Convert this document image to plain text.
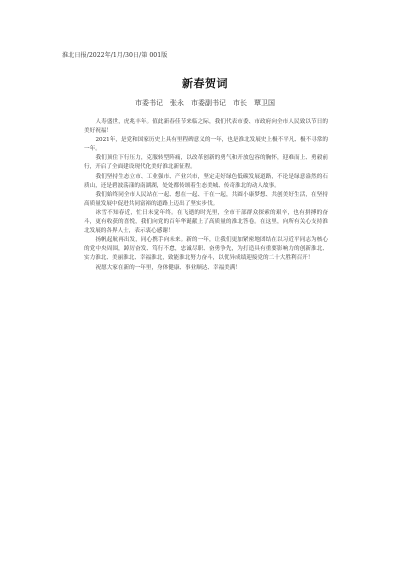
淮北日报/2022年/1月/30日/第 001版
新春贺词
市委书记　张永　市委副书记　市长　覃卫国

人寿盛世，虎兆丰年。值此新春佳节来临之际，我们代表市委、市政府向全市人民致以节日的美好祝福！

2021年，是党和国家历史上具有里程碑意义的一年，也是淮北发展史上极不平凡、极不寻常的一年。

我们顶住下行压力，克服转型阵痛，以改革创新的勇气和开放包容的胸怀，迎难而上、勇毅前行，开启了全面建设现代化美好淮北新征程。

我们坚持生态立市、工业强市、产业兴市，坚定走好绿色低碳发展道路，不论是绿意盎然的石质山，还是碧波荡漾的南湖湖，处处都传颂着生态美城、传奇淮北的动人故事。

我们始终同全市人民站在一起、想在一起、干在一起，共圆小康梦想、共创美好生活，在坚持高质量发展中促进共同富裕的道路上迈出了坚实步伐。

冰雪不知春近，忙日未觉年终。在飞逝的时光里，全市干部群众探索的艰辛，也有拼搏的奋斗，更有收获的喜悦，我们向党的百年华诞献上了高质量的淮北答卷。在这里，向所有关心支持淮北发展的各界人士，表示衷心感谢！

扬帆起航再出发，同心携手向未来。新的一年，让我们更加紧密地团结在以习近平同志为核心的党中央周围，踔厉奋发、笃行不怠，忠诚尽职、奋勇争先，为打造具有重要影响力的创新淮北、实力淮北、美丽淮北、幸福淮北，致能淮北努力奋斗，以优异成绩迎接党的二十大胜利召开！

祝愿大家在新的一年里，身体健康、事业顺达、幸福美满！
